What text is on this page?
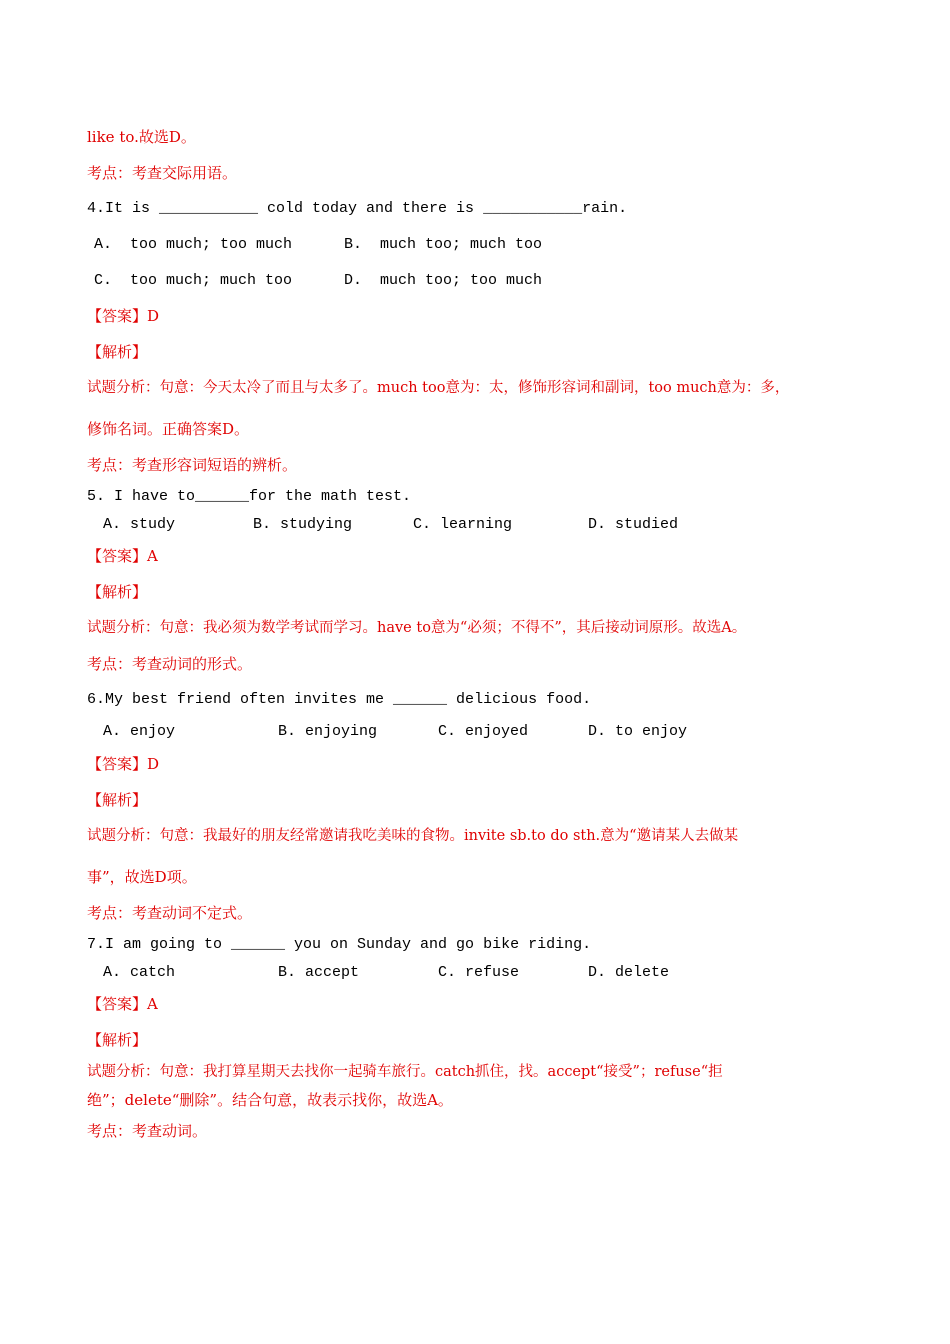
like to.故选D。
考点：考查交际用语。
4.It is ___________ cold today and there is ___________rain.
A.  too much; too much	B.  much too; much too
C.  too much; much too	D.  much too; too much
【答案】D
【解析】
试题分析：句意：今天太冷了而且与太多了。much too意为：太，修饰形容词和副词，too much意为：多，
修饰名词。正确答案D。
考点：考查形容词短语的辨析。
5. I have to______for the math test.
A. study	B. studying	C. learning	D. studied
【答案】A
【解析】
试题分析：句意：我必须为数学考试而学习。have to意为“必须；不得不”，其后接动词原形。故选A。
考点：考查动词的形式。
6.My best friend often invites me ______ delicious food.
A. enjoy	B. enjoying	C. enjoyed	D. to enjoy
【答案】D
【解析】
试题分析：句意：我最好的朋友经常邀请我吃美味的食物。invite sb.to do sth.意为“邀请某人去做某
事”，故选D项。
考点：考查动词不定式。
7.I am going to ______ you on Sunday and go bike riding.
A. catch	B. accept	C. refuse	D. delete
【答案】A
【解析】
试题分析：句意：我打算星期天去找你一起骑车旅行。catch抓住，找。accept“接受”；refuse“拒
绝”；delete“删除”。结合句意，故表示找你，故选A。
考点：考查动词。
